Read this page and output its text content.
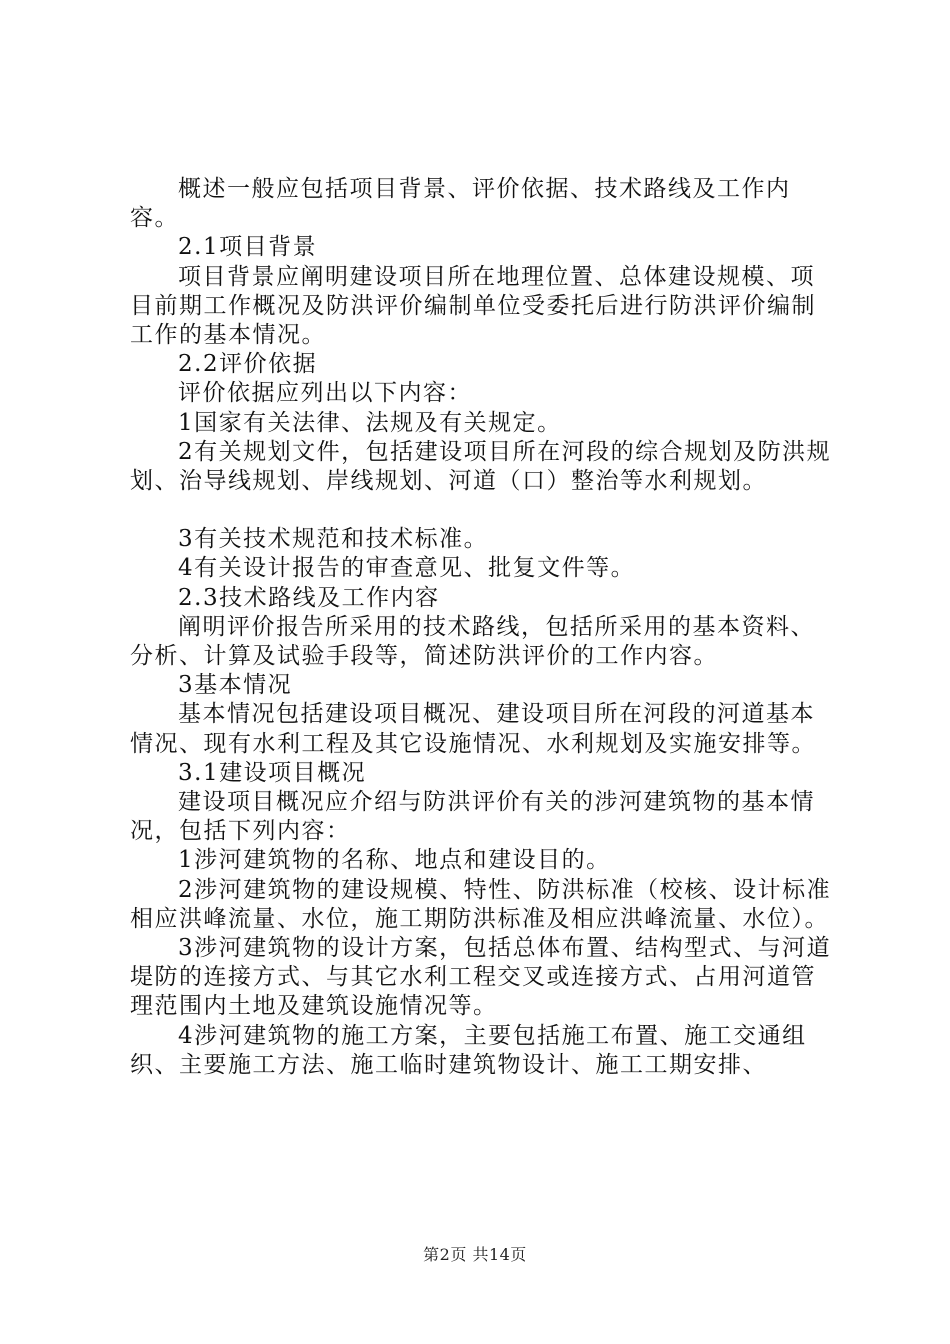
概述一般应包括项目背景、评价依据、技术路线及工作内容。

2.1项目背景

项目背景应阐明建设项目所在地理位置、总体建设规模、项目前期工作概况及防洪评价编制单位受委托后进行防洪评价编制工作的基本情况。

2.2评价依据

评价依据应列出以下内容：

1国家有关法律、法规及有关规定。

2有关规划文件，包括建设项目所在河段的综合规划及防洪规划、治导线规划、岸线规划、河道（口）整治等水利规划。

3有关技术规范和技术标准。

4有关设计报告的审查意见、批复文件等。

2.3技术路线及工作内容

阐明评价报告所采用的技术路线，包括所采用的基本资料、分析、计算及试验手段等，简述防洪评价的工作内容。

3基本情况

基本情况包括建设项目概况、建设项目所在河段的河道基本情况、现有水利工程及其它设施情况、水利规划及实施安排等。

3.1建设项目概况

建设项目概况应介绍与防洪评价有关的涉河建筑物的基本情况，包括下列内容：

1涉河建筑物的名称、地点和建设目的。

2涉河建筑物的建设规模、特性、防洪标准（校核、设计标准相应洪峰流量、水位，施工期防洪标准及相应洪峰流量、水位）。

3涉河建筑物的设计方案，包括总体布置、结构型式、与河道堤防的连接方式、与其它水利工程交叉或连接方式、占用河道管理范围内土地及建筑设施情况等。

4涉河建筑物的施工方案，主要包括施工布置、施工交通组织、主要施工方法、施工临时建筑物设计、施工工期安排、

第2页 共14页
